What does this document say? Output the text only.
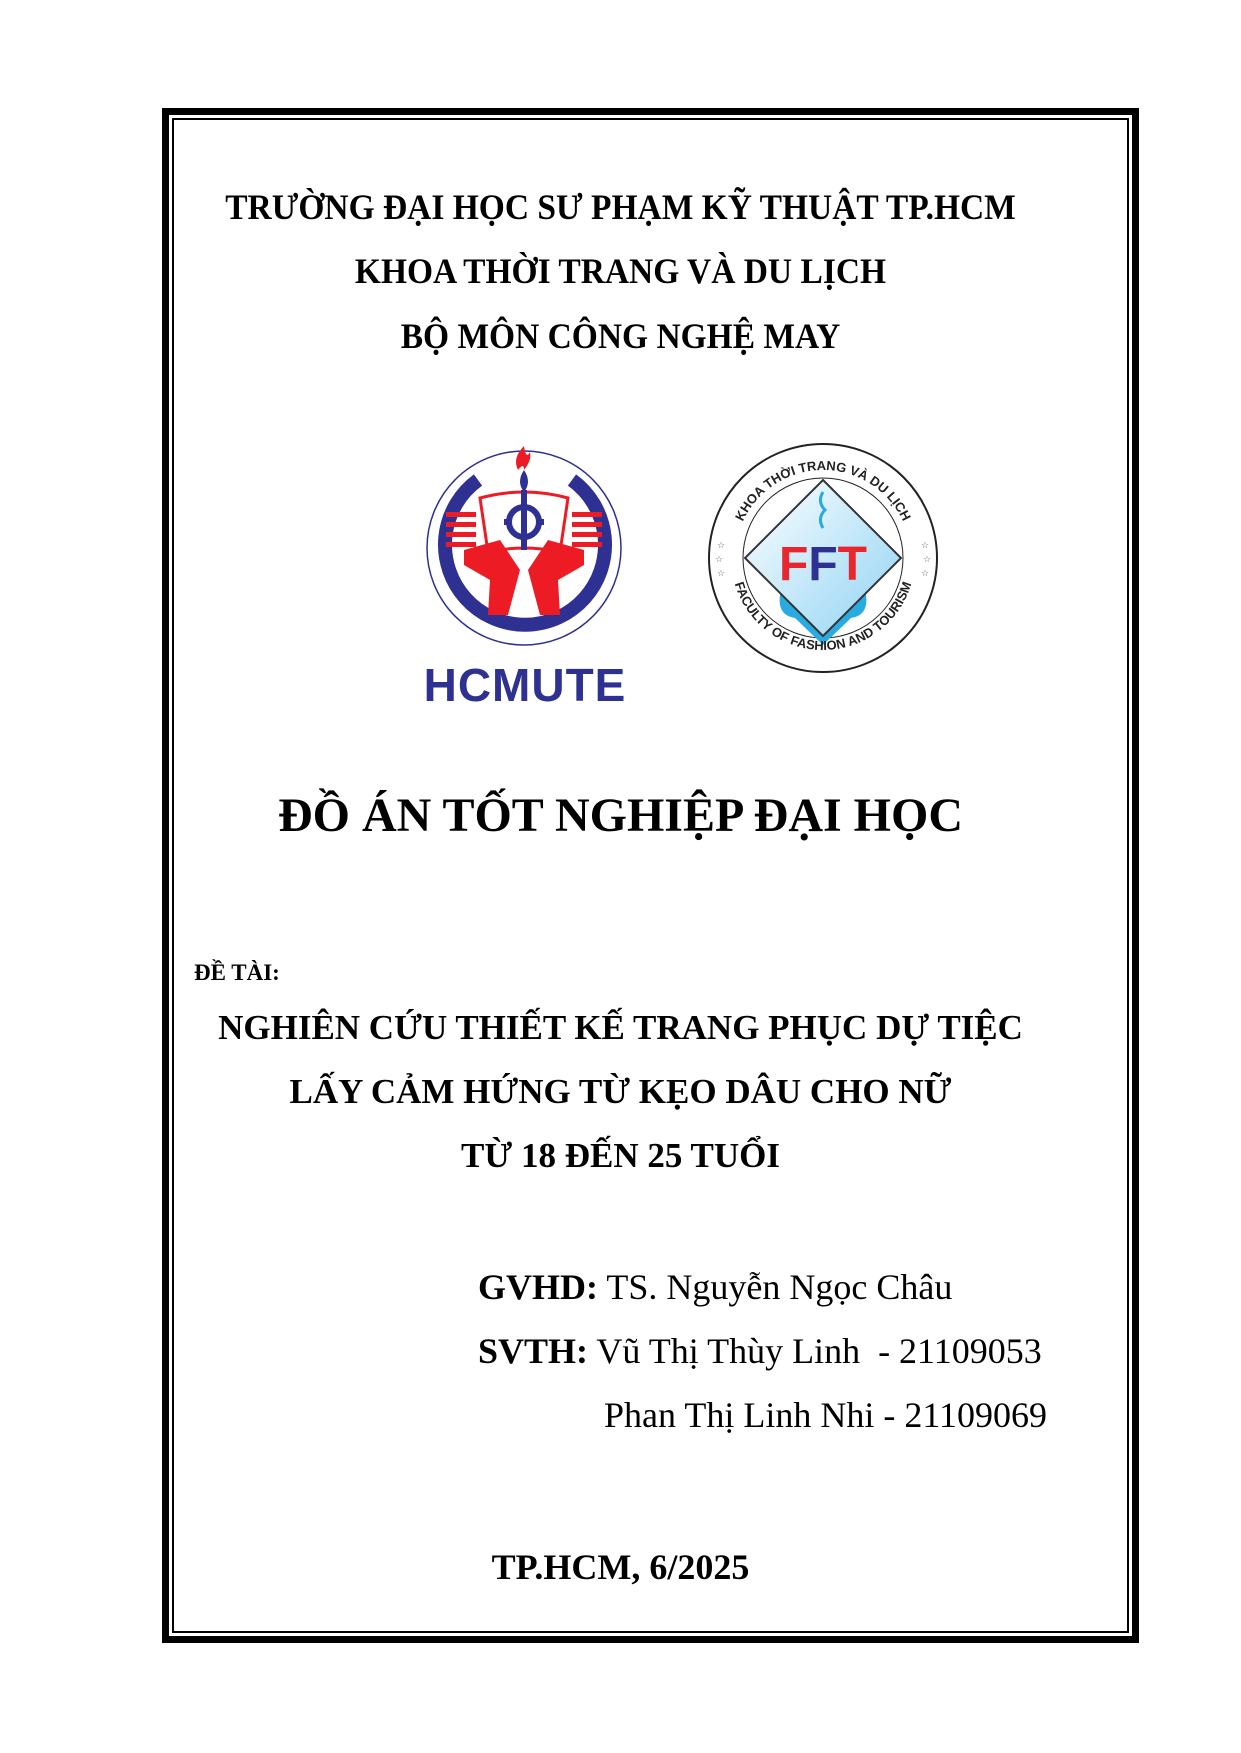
TRƯỜNG ĐẠI HỌC SƯ PHẠM KỸ THUẬT TP.HCM
KHOA THỜI TRANG VÀ DU LỊCH
BỘ MÔN CÔNG NGHỆ MAY
HCMUTE
FFT
KHOA THỜI TRANG VÀ DU LỊCH
FACULTY OF FASHION AND TOURISM
☆
☆
☆
☆
☆
☆
ĐỒ ÁN TỐT NGHIỆP ĐẠI HỌC
ĐỀ TÀI:
NGHIÊN CỨU THIẾT KẾ TRANG PHỤC DỰ TIỆC
LẤY CẢM HỨNG TỪ KẸO DÂU CHO NỮ
TỪ 18 ĐẾN 25 TUỔI
GVHD: TS. Nguyễn Ngọc Châu
SVTH: Vũ Thị Thùy Linh  - 21109053
Phan Thị Linh Nhi - 21109069
TP.HCM, 6/2025
